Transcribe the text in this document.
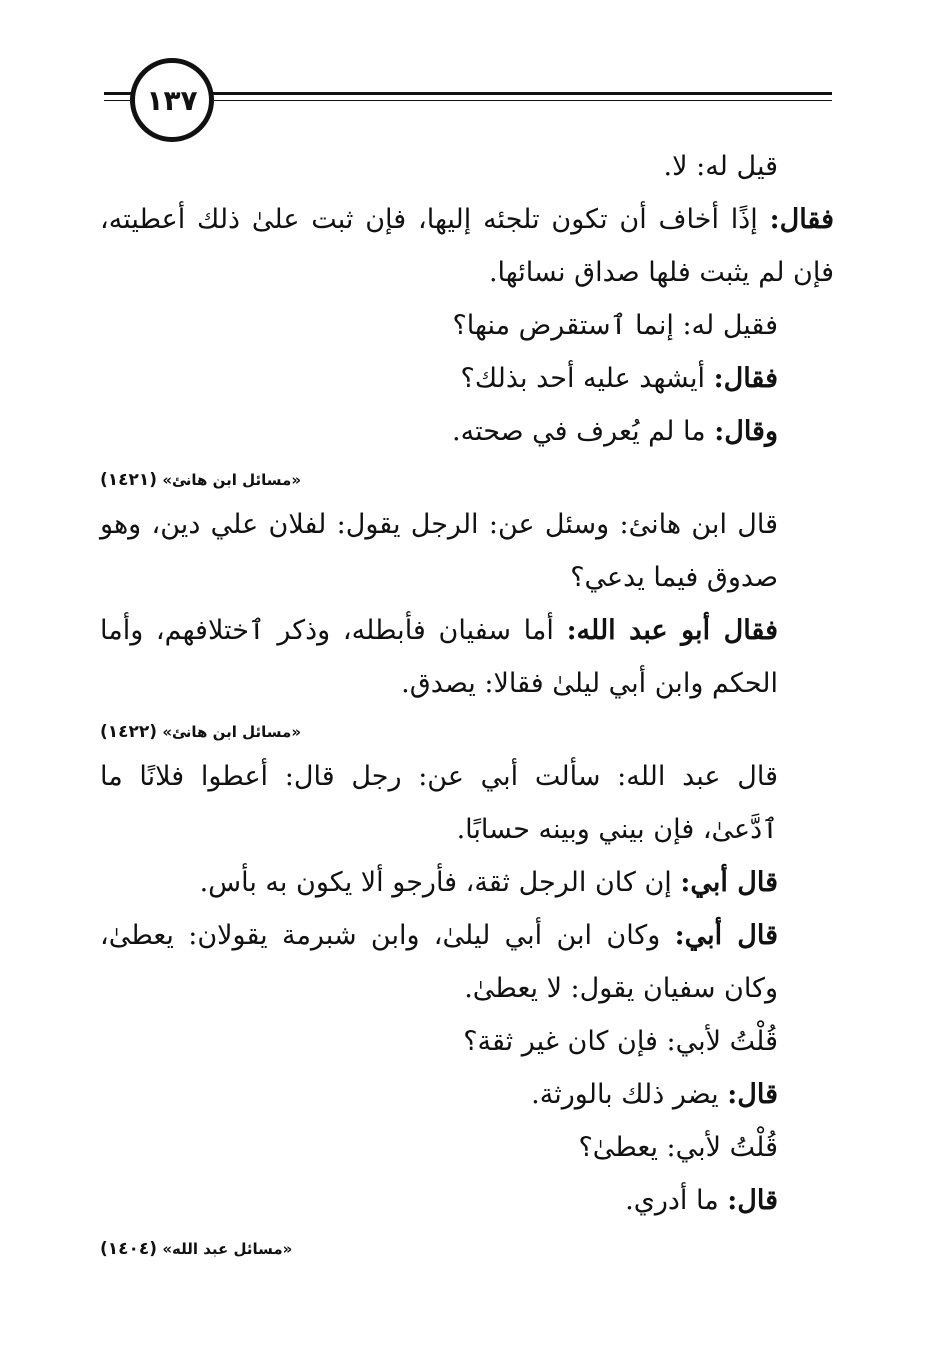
١٣٧

قيل له: لا.

فقال: إذًا أخاف أن تكون تلجئه إليها، فإن ثبت علىٰ ذلك أعطيته، فإن لم يثبت فلها صداق نسائها.

فقيل له: إنما ٱستقرض منها؟

فقال: أيشهد عليه أحد بذلك؟

وقال: ما لم يُعرف في صحته.

«مسائل ابن هانئ» (١٤٢١)

قال ابن هانئ: وسئل عن: الرجل يقول: لفلان علي دين، وهو صدوق فيما يدعي؟

فقال أبو عبد الله: أما سفيان فأبطله، وذكر ٱختلافهم، وأما الحكم وابن أبي ليلىٰ فقالا: يصدق.

«مسائل ابن هانئ» (١٤٢٢)

قال عبد الله: سألت أبي عن: رجل قال: أعطوا فلانًا ما ٱدَّعىٰ، فإن بيني وبينه حسابًا.

قال أبي: إن كان الرجل ثقة، فأرجو ألا يكون به بأس.

قال أبي: وكان ابن أبي ليلىٰ، وابن شبرمة يقولان: يعطىٰ، وكان سفيان يقول: لا يعطىٰ.

قُلْتُ لأبي: فإن كان غير ثقة؟

قال: يضر ذلك بالورثة.

قُلْتُ لأبي: يعطىٰ؟

قال: ما أدري.

«مسائل عبد الله» (١٤٠٤)
